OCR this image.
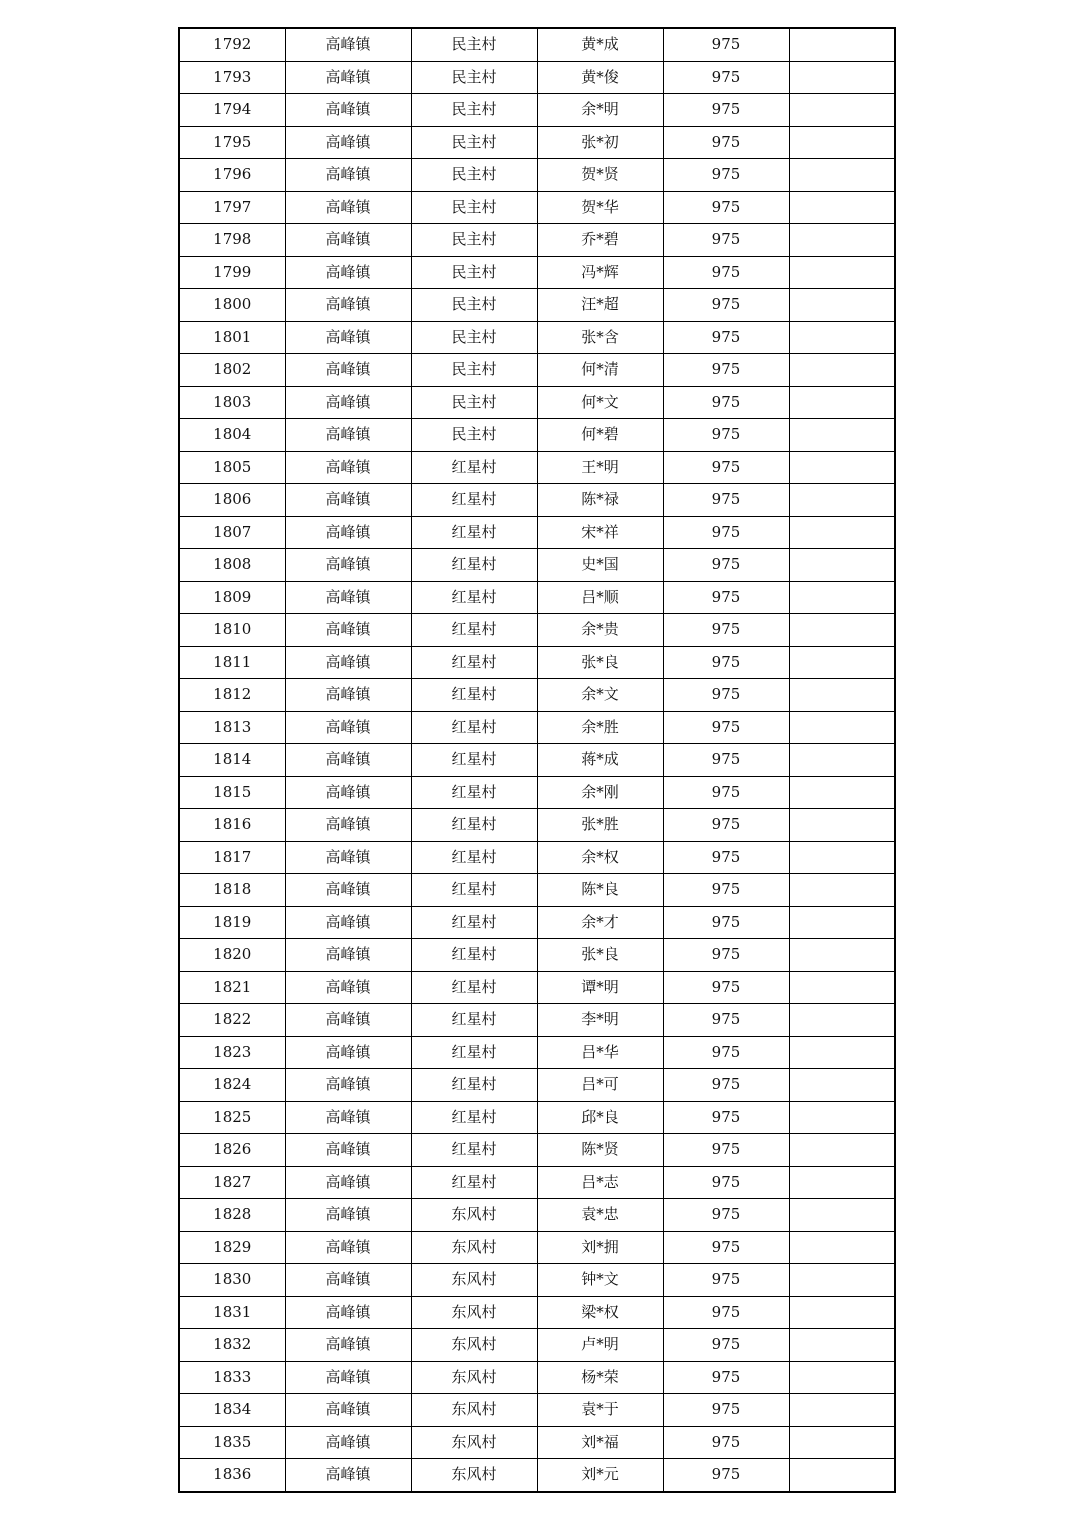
1792	高峰镇	民主村	黄*成	975	
1793	高峰镇	民主村	黄*俊	975	
1794	高峰镇	民主村	余*明	975	
1795	高峰镇	民主村	张*初	975	
1796	高峰镇	民主村	贺*贤	975	
1797	高峰镇	民主村	贺*华	975	
1798	高峰镇	民主村	乔*碧	975	
1799	高峰镇	民主村	冯*辉	975	
1800	高峰镇	民主村	汪*超	975	
1801	高峰镇	民主村	张*含	975	
1802	高峰镇	民主村	何*清	975	
1803	高峰镇	民主村	何*文	975	
1804	高峰镇	民主村	何*碧	975	
1805	高峰镇	红星村	王*明	975	
1806	高峰镇	红星村	陈*禄	975	
1807	高峰镇	红星村	宋*祥	975	
1808	高峰镇	红星村	史*国	975	
1809	高峰镇	红星村	吕*顺	975	
1810	高峰镇	红星村	余*贵	975	
1811	高峰镇	红星村	张*良	975	
1812	高峰镇	红星村	余*文	975	
1813	高峰镇	红星村	余*胜	975	
1814	高峰镇	红星村	蒋*成	975	
1815	高峰镇	红星村	余*刚	975	
1816	高峰镇	红星村	张*胜	975	
1817	高峰镇	红星村	余*权	975	
1818	高峰镇	红星村	陈*良	975	
1819	高峰镇	红星村	余*才	975	
1820	高峰镇	红星村	张*良	975	
1821	高峰镇	红星村	谭*明	975	
1822	高峰镇	红星村	李*明	975	
1823	高峰镇	红星村	吕*华	975	
1824	高峰镇	红星村	吕*可	975	
1825	高峰镇	红星村	邱*良	975	
1826	高峰镇	红星村	陈*贤	975	
1827	高峰镇	红星村	吕*志	975	
1828	高峰镇	东风村	袁*忠	975	
1829	高峰镇	东风村	刘*拥	975	
1830	高峰镇	东风村	钟*文	975	
1831	高峰镇	东风村	梁*权	975	
1832	高峰镇	东风村	卢*明	975	
1833	高峰镇	东风村	杨*荣	975	
1834	高峰镇	东风村	袁*于	975	
1835	高峰镇	东风村	刘*福	975	
1836	高峰镇	东风村	刘*元	975	
